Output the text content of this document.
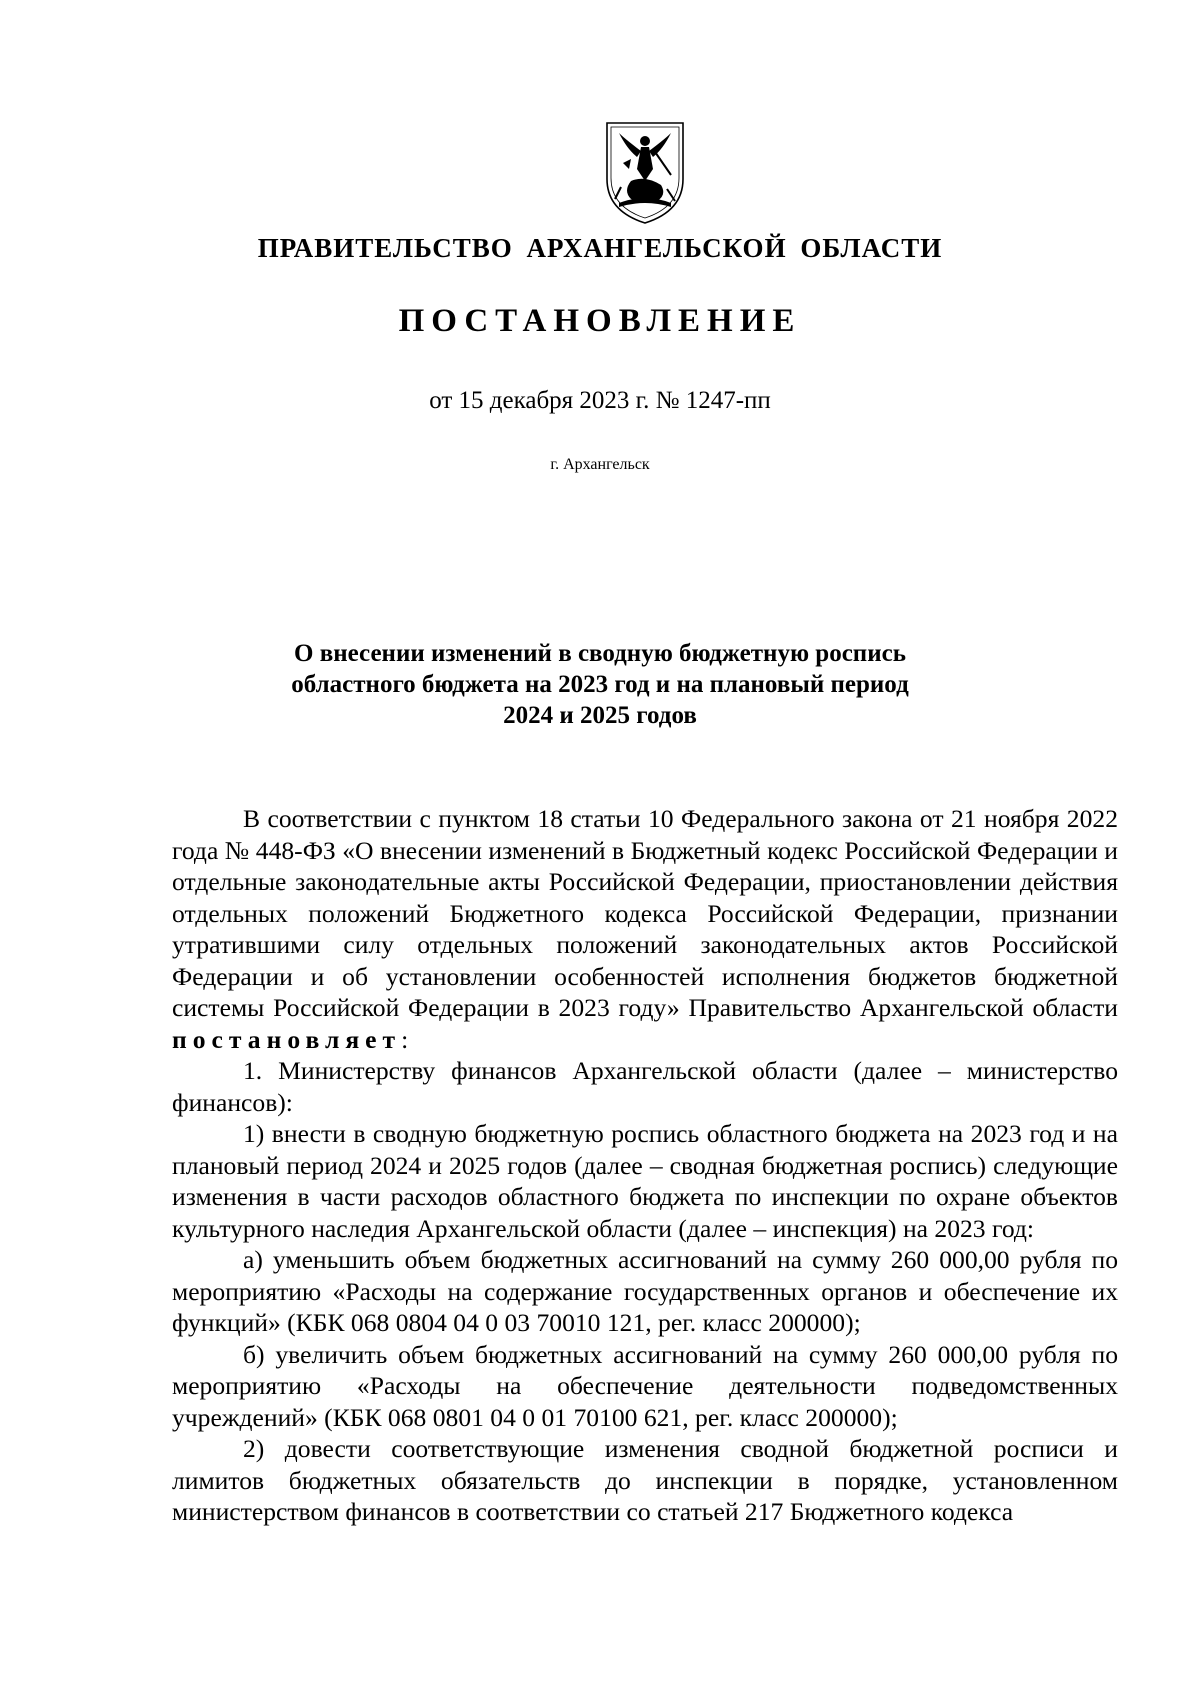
ПРАВИТЕЛЬСТВО АРХАНГЕЛЬСКОЙ ОБЛАСТИ
ПОСТАНОВЛЕНИЕ
от 15 декабря 2023 г. № 1247-пп
г. Архангельск
О внесении изменений в сводную бюджетную роспись
областного бюджета на 2023 год и на плановый период
2024 и 2025 годов

В соответствии с пунктом 18 статьи 10 Федерального закона от 21 ноября 2022 года № 448-ФЗ «О внесении изменений в Бюджетный кодекс Российской Федерации и отдельные законодательные акты Российской Федерации, приостановлении действия отдельных положений Бюджетного кодекса Российской Федерации, признании утратившими силу отдельных положений законодательных актов Российской Федерации и об установлении особенностей исполнения бюджетов бюджетной системы Российской Федерации в 2023 году» Правительство Архангельской области постановляет:

1. Министерству финансов Архангельской области (далее – министерство финансов):

1) внести в сводную бюджетную роспись областного бюджета на 2023 год и на плановый период 2024 и 2025 годов (далее – сводная бюджетная роспись) следующие изменения в части расходов областного бюджета по инспекции по охране объектов культурного наследия Архангельской области (далее – инспекция) на 2023 год:

а) уменьшить объем бюджетных ассигнований на сумму 260 000,00 рубля по мероприятию «Расходы на содержание государственных органов и обеспечение их функций» (КБК 068 0804 04 0 03 70010 121, рег. класс 200000);

б) увеличить объем бюджетных ассигнований на сумму 260 000,00 рубля по мероприятию «Расходы на обеспечение деятельности подведомственных учреждений» (КБК 068 0801 04 0 01 70100 621, рег. класс 200000);

2) довести соответствующие изменения сводной бюджетной росписи и лимитов бюджетных обязательств до инспекции в порядке, установленном министерством финансов в соответствии со статьей 217 Бюджетного кодекса
